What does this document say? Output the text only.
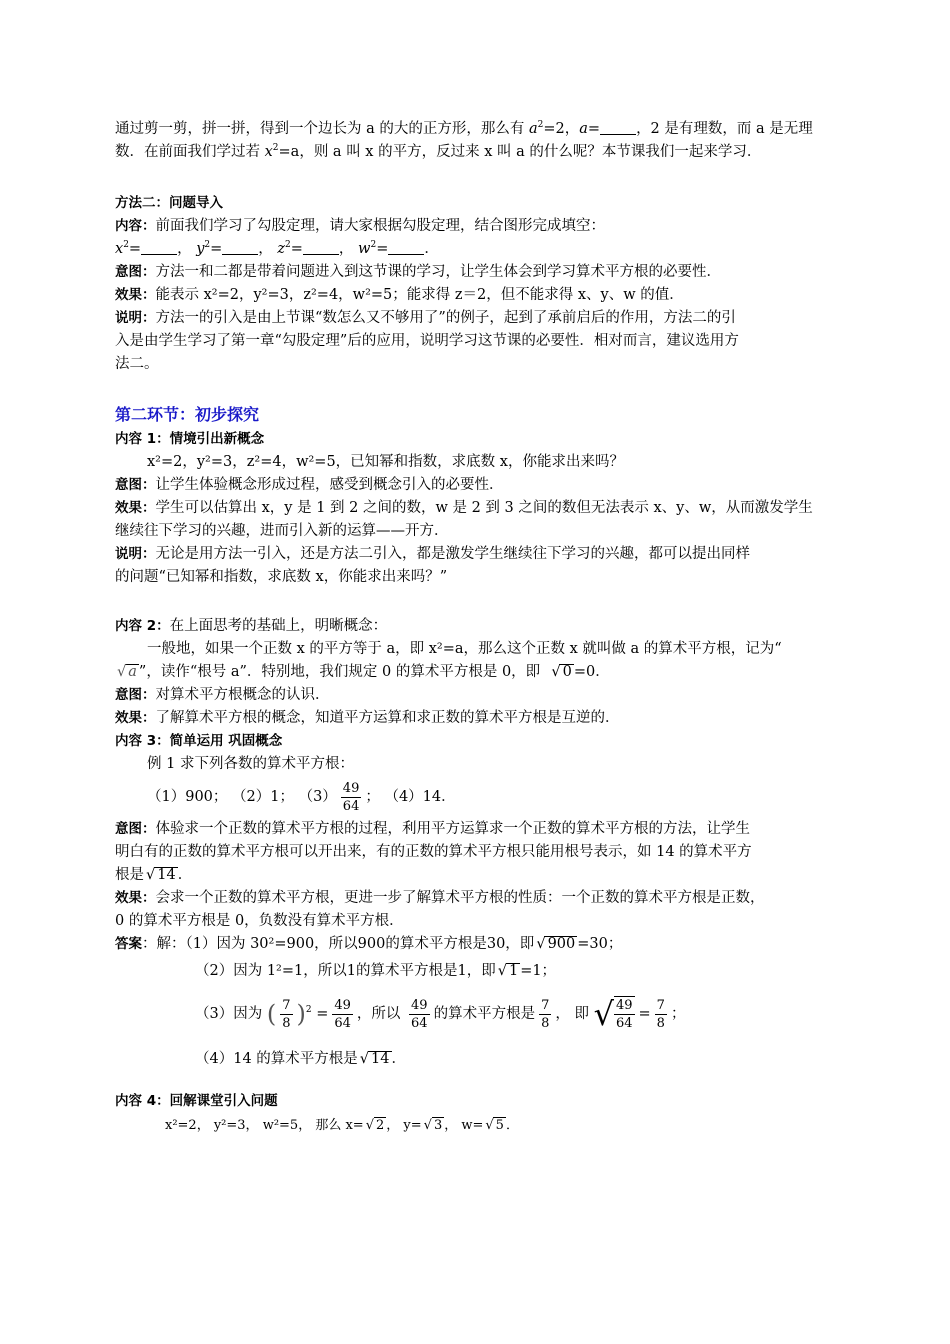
通过剪一剪，拼一拼，得到一个边长为 a 的大的正方形，那么有 $a^2=2$，a= ，2 是有理数，而 a 是无理

数．在前面我们学过若 $x^2=a$，则 a 叫 x 的平方，反过来 x 叫 a 的什么呢？本节课我们一起来学习．

方法二：问题导入

内容：前面我们学习了勾股定理，请大家根据勾股定理，结合图形完成填空：

$x^2=$ ， $y^2=$ ， $z^2=$ ， $w^2=$ ．

意图：方法一和二都是带着问题进入到这节课的学习，让学生体会到学习算术平方根的必要性．

效果：能表示 x²=2，y²=3，z²=4，w²=5；能求得 z＝2，但不能求得 x、y、w 的值．

说明：方法一的引入是由上节课“数怎么又不够用了”的例子，起到了承前启后的作用，方法二的引

入是由学生学习了第一章“勾股定理”后的应用，说明学习这节课的必要性．相对而言，建议选用方

法二。

第二环节：初步探究

内容 1：情境引出新概念

x²=2，y²=3，z²=4，w²=5，已知幂和指数，求底数 x，你能求出来吗？

意图：让学生体验概念形成过程，感受到概念引入的必要性．

效果：学生可以估算出 x，y 是 1 到 2 之间的数，w 是 2 到 3 之间的数但无法表示 x、y、w，从而激发学生

继续往下学习的兴趣，进而引入新的运算——开方．

说明：无论是用方法一引入，还是方法二引入，都是激发学生继续往下学习的兴趣，都可以提出同样

的问题“已知幂和指数，求底数 x，你能求出来吗？”

内容 2：在上面思考的基础上，明晰概念：

一般地，如果一个正数 x 的平方等于 a，即 x²=a，那么这个正数 x 就叫做 a 的算术平方根，记为“

√ a ”，读作“根号 a”．特别地，我们规定 0 的算术平方根是 0，即 √ 0 =0．

意图：对算术平方根概念的认识．

效果：了解算术平方根的概念，知道平方运算和求正数的算术平方根是互逆的．

内容 3：简单运用 巩固概念

例 1 求下列各数的算术平方根：

（1）900； （2）1； $(3) \frac{49}{64}$ ； （4）14．

意图：体验求一个正数的算术平方根的过程，利用平方运算求一个正数的算术平方根的方法，让学生

明白有的正数的算术平方根可以开出来，有的正数的算术平方根只能用根号表示，如 14 的算术平方

根是 √ 14 ．

效果：会求一个正数的算术平方根，更进一步了解算术平方根的性质：一个正数的算术平方根是正数，

0 的算术平方根是 0，负数没有算术平方根．

答案：解：（1）因为 30²=900，所以900的算术平方根是30，即 √ 900 =30；

（2）因为 1²=1，所以1的算术平方根是1，即 √ 1 =1；

（3）因为 ( $\frac{7}{8} )^2 = \frac{49}{64}$ ，所以 $\frac{49}{64}$ 的算术平方根是 $\frac{7}{8}$ ， 即 √ $\frac{49}{64} = \frac{7}{8}$ ；

（4）14 的算术平方根是 √ 14 ．

内容 4：回解课堂引入问题

x²=2， y²=3， w²=5， 那么 x= √ 2 ， y= √ 3 ， w= √ 5 ．
